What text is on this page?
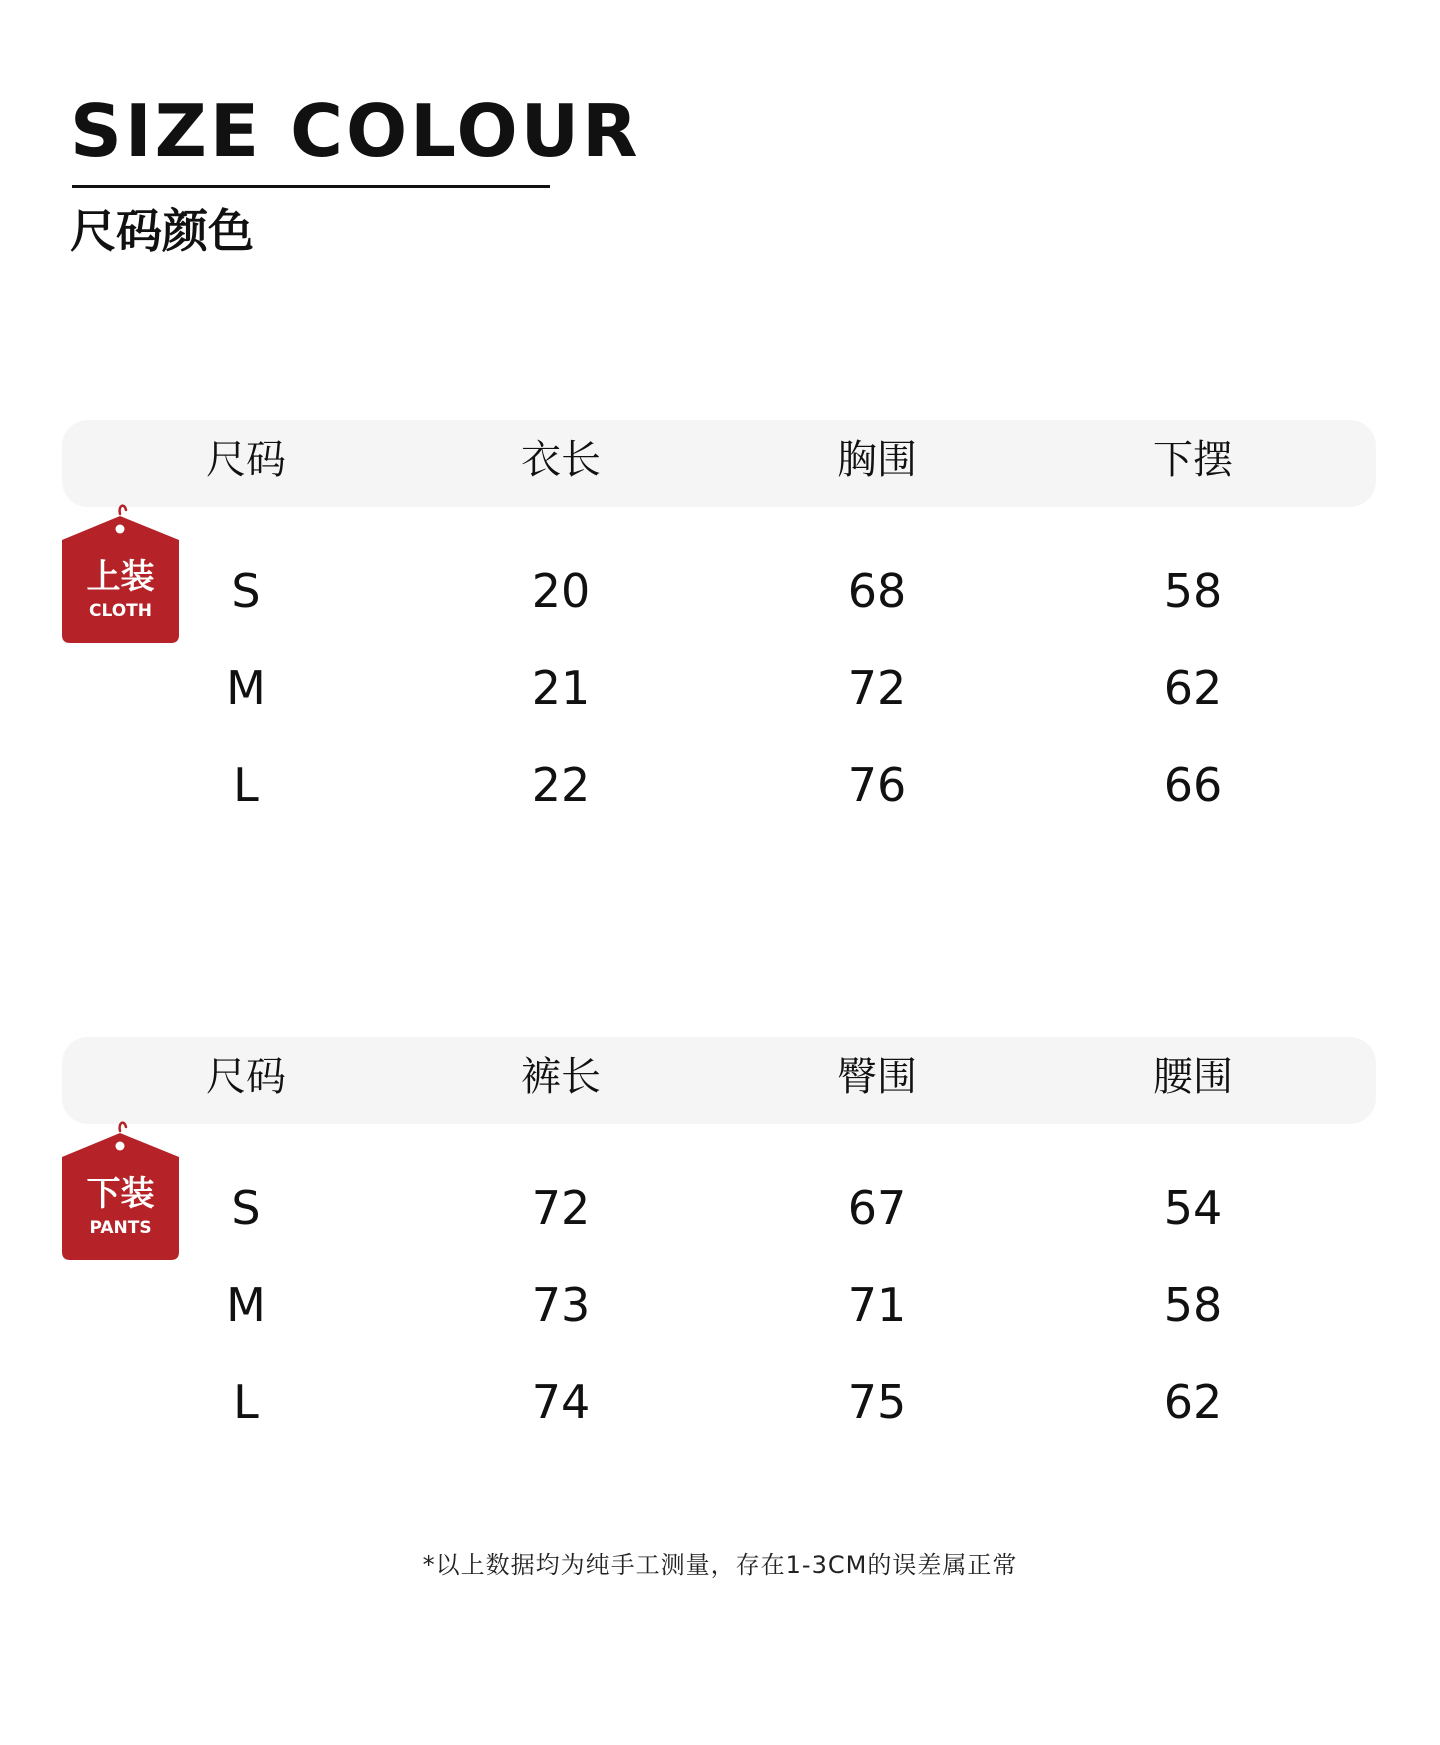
SIZE COLOUR
尺码颜色
尺码	衣长	胸围	下摆
上装
CLOTH	S	20	68	58
M	21	72	62
L	22	76	66
尺码	裤长	臀围	腰围
下装
PANTS	S	72	67	54
M	73	71	58
L	74	75	62
*以上数据均为纯手工测量，存在1-3CM的误差属正常
